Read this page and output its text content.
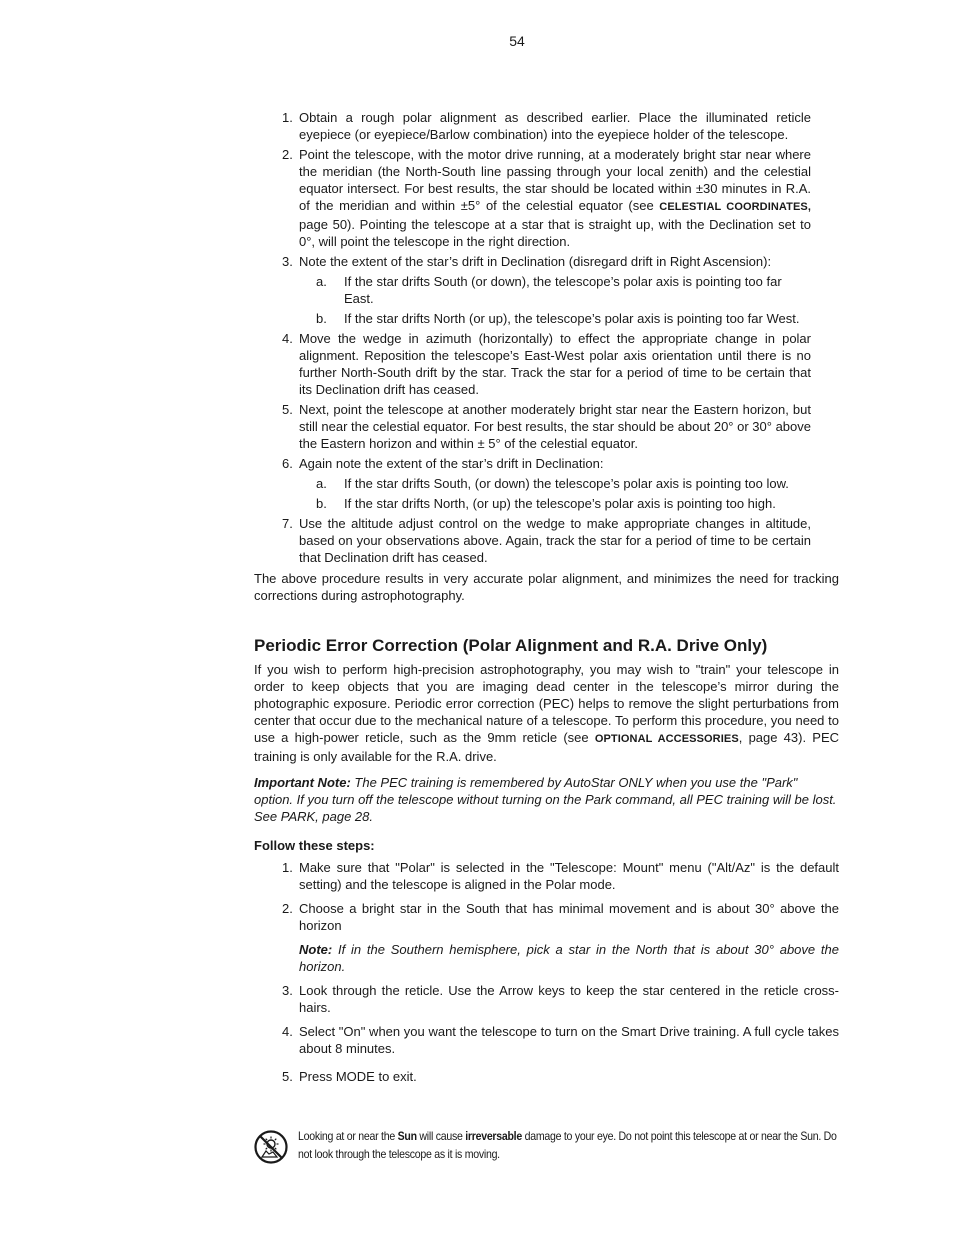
54
1. Obtain a rough polar alignment as described earlier. Place the illuminated reticle eyepiece (or eyepiece/Barlow combination) into the eyepiece holder of the telescope.
2. Point the telescope, with the motor drive running, at a moderately bright star near where the meridian (the North-South line passing through your local zenith) and the celestial equator intersect. For best results, the star should be located within ±30 minutes in R.A. of the meridian and within ±5° of the celestial equator (see CELESTIAL COORDINATES, page 50). Pointing the telescope at a star that is straight up, with the Declination set to 0°, will point the telescope in the right direction.
3. Note the extent of the star’s drift in Declination (disregard drift in Right Ascension):
a. If the star drifts South (or down), the telescope’s polar axis is pointing too far East.
b. If the star drifts North (or up), the telescope’s polar axis is pointing too far West.
4. Move the wedge in azimuth (horizontally) to effect the appropriate change in polar alignment. Reposition the telescope’s East-West polar axis orientation until there is no further North-South drift by the star. Track the star for a period of time to be certain that its Declination drift has ceased.
5. Next, point the telescope at another moderately bright star near the Eastern horizon, but still near the celestial equator. For best results, the star should be about 20° or 30° above the Eastern horizon and within ± 5° of the celestial equator.
6. Again note the extent of the star’s drift in Declination:
a. If the star drifts South, (or down) the telescope’s polar axis is pointing too low.
b. If the star drifts North, (or up) the telescope’s polar axis is pointing too high.
7. Use the altitude adjust control on the wedge to make appropriate changes in altitude, based on your observations above. Again, track the star for a period of time to be certain that Declination drift has ceased.

The above procedure results in very accurate polar alignment, and minimizes the need for tracking corrections during astrophotography.

Periodic Error Correction (Polar Alignment and R.A. Drive Only)

If you wish to perform high-precision astrophotography, you may wish to "train" your telescope in order to keep objects that you are imaging dead center in the telescope’s mirror during the photographic exposure. Periodic error correction (PEC) helps to remove the slight perturbations from center that occur due to the mechanical nature of a telescope. To perform this procedure, you need to use a high-power reticle, such as the 9mm reticle (see OPTIONAL ACCESSORIES, page 43). PEC training is only available for the R.A. drive.

Important Note: The PEC training is remembered by AutoStar ONLY when you use the "Park" option. If you turn off the telescope without turning on the Park command, all PEC training will be lost. See PARK, page 28.
Follow these steps:
1. Make sure that "Polar" is selected in the "Telescope: Mount" menu ("Alt/Az" is the default setting) and the telescope is aligned in the Polar mode.
2. Choose a bright star in the South that has minimal movement and is about 30° above the horizon
Note: If in the Southern hemisphere, pick a star in the North that is about 30° above the horizon.
3. Look through the reticle. Use the Arrow keys to keep the star centered in the reticle cross-hairs.
4. Select "On" when you want the telescope to turn on the Smart Drive training. A full cycle takes about 8 minutes.
5. Press MODE to exit.
Looking at or near the Sun will cause irreversable damage to your eye. Do not point this telescope at or near the Sun. Do not look through the telescope as it is moving.
